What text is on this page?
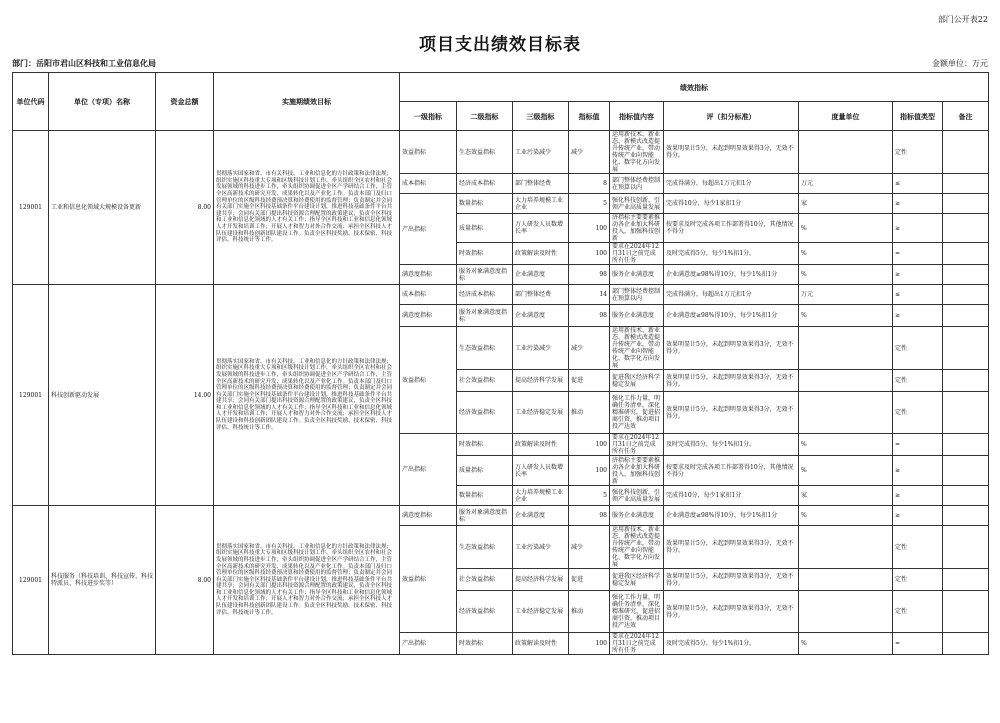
部门公开表22
项目支出绩效目标表
部门：岳阳市君山区科技和工业信息化局	金额单位：万元
单位代码	单位（专项）名称	资金总额	实施期绩效目标	绩效指标								
				一级指标	二级指标	三级指标	指标值	指标值内容	评（扣分标准）	度量单位	指标值类型	备注
129001	工业和信息化领域大规模设备更新	8.00	贯彻落实国家和省、市有关科技、工业和信息化的方针政策和法律法规；组织实施区科技重大专项和区级科技计划工作，牵头组织全区农村和社会发展领域的科技进步工作，牵头组织协调促进全区产学研结合工作，主管全区高新技术的研究开发、成果转化以及产业化工作。负责本部门及归口管理单位的区级科技经费预决算和经费使用的监督管理；负责制定并会同有关部门实施全区科技基础条件平台建设计划，推进科技基础条件平台共建共享；会同有关部门提出科技资源合理配置的政策建议，负责全区科技和工业和信息化领域的人才有关工作；指导全区科技和工业和信息化领域人才开发和培训工作；开展人才和智力对外合作交流；承担全区科技人才队伍建设和科技创新团队建设工作。负责全区科技奖励、技术保密、科技评估、科技统计等工作。	效益指标	生态效益指标	工业污染减少	减少	运用新技术、新业态、新模式改造提升传统产业，带动传统产业向智能化、数字化方向发展	效果明显计5分，未起到明显效果得3分，无效不得分。		定性	
				成本指标	经济成本指标	部门整体经费	8	部门整体经费控制在预算以内	完成得满分，每超出1万元扣1分	万元	≤	
				产出指标	数量指标	大力培养规模工业企业	5	强化科技创新，引领产业高质量发展	完成得10分，每少1家扣1分	家	≥	
					质量指标	万人研发人员数增长率	100	济指标主要要素推动各企业加大科研投入，加强科技创新	按要求及时完成各项工作部署得10分，其他情况不得分	%	≥	
					时效指标	政策解读及时性	100	要求在2024年12月31日之前完成所有任务	及时完成得5分，每少1%扣1分。	%	=	
				满意度指标	服务对象满意度指标	企业满意度	98	服务企业满意度	企业满意度≥98%得10分，每少1%扣1分	%	≥	
129001	科技创新驱动发展	14.00	贯彻落实国家和省、市有关科技、工业和信息化的方针政策和法律法规；组织实施区科技重大专项和区级科技计划工作，牵头组织全区农村和社会发展领域的科技进步工作，牵头组织协调促进全区产学研结合工作，主管全区高新技术的研究开发、成果转化以及产业化工作。负责本部门及归口管理单位的区级科技经费预决算和经费使用的监督管理；负责制定并会同有关部门实施全区科技基础条件平台建设计划，推进科技基础条件平台共建共享；会同有关部门提出科技资源合理配置的政策建议，负责全区科技和工业和信息化领域的人才有关工作；指导全区科技和工业和信息化领域人才开发和培训工作；开展人才和智力对外合作交流；承担全区科技人才队伍建设和科技创新团队建设工作。负责全区科技奖励、技术保密、科技评估、科技统计等工作。	成本指标	经济成本指标	部门整体经费	14	部门整体经费控制在预算以内	完成得满分，每超出1万元扣1分	万元	≤	
				满意度指标	服务对象满意度指标	企业满意度	98	服务企业满意度	企业满意度≥98%得10分，每少1%扣1分	%	≥	
				效益指标	生态效益指标	工业污染减少	减少	运用新技术、新业态、新模式改造提升传统产业，带动传统产业向智能化、数字化方向发展	效果明显计5分，未起到明显效果得3分，无效不得分。		定性	
					社会效益指标	提高经济科学发展	促进	促进我区经济科学稳定发展	效果明显计5分，未起到明显效果得3分，无效不得分。		定性	
					经济效益指标	工业经济稳定发展	推动	强化工作力量，明确任务清单，深化精准研究，促进招商引资，推动项目投产达效	效果明显计5分，未起到明显效果得3分，无效不得分。		定性	
				产出指标	时效指标	政策解读及时性	100	要求在2024年12月31日之前完成所有任务	及时完成得5分，每少1%扣1分。	%	=	
					质量指标	万人研发人员数增长率	100	济指标主要要素推动各企业加大科研投入，加强科技创新	按要求及时完成各项工作部署得10分，其他情况不得分	%	≥	
					数量指标	大力培养规模工业企业	5	强化科技创新，引领产业高质量发展	完成得10分，每少1家扣1分	家	≥	
129001	科技服务（科技培训、科技宣传、科技特派员、科技进步奖等）	8.00	贯彻落实国家和省、市有关科技、工业和信息化的方针政策和法律法规；组织实施区科技重大专项和区级科技计划工作，牵头组织全区农村和社会发展领域的科技进步工作，牵头组织协调促进全区产学研结合工作，主管全区高新技术的研究开发、成果转化以及产业化工作。负责本部门及归口管理单位的区级科技经费预决算和经费使用的监督管理；负责制定并会同有关部门实施全区科技基础条件平台建设计划，推进科技基础条件平台共建共享；会同有关部门提出科技资源合理配置的政策建议，负责全区科技和工业和信息化领域的人才有关工作；指导全区科技和工业和信息化领域人才开发和培训工作；开展人才和智力对外合作交流；承担全区科技人才队伍建设和科技创新团队建设工作。负责全区科技奖励、技术保密、科技评估、科技统计等工作。	满意度指标	服务对象满意度指标	企业满意度	98	服务企业满意度	企业满意度≥98%得10分，每少1%扣1分	%	≥	
				效益指标	生态效益指标	工业污染减少	减少	运用新技术、新业态、新模式改造提升传统产业，带动传统产业向智能化、数字化方向发展	效果明显计5分，未起到明显效果得3分，无效不得分。		定性	
					社会效益指标	提高经济科学发展	促进	促进我区经济科学稳定发展	效果明显计5分，未起到明显效果得3分，无效不得分。		定性	
					经济效益指标	工业经济稳定发展	推动	强化工作力量，明确任务清单，深化精准研究，促进招商引资，推动项目投产达效	效果明显计5分，未起到明显效果得3分，无效不得分。		定性	
				产出指标	时效指标	政策解读及时性	100	要求在2024年12月31日之前完成所有任务	及时完成得5分，每少1%扣1分。	%	=	
